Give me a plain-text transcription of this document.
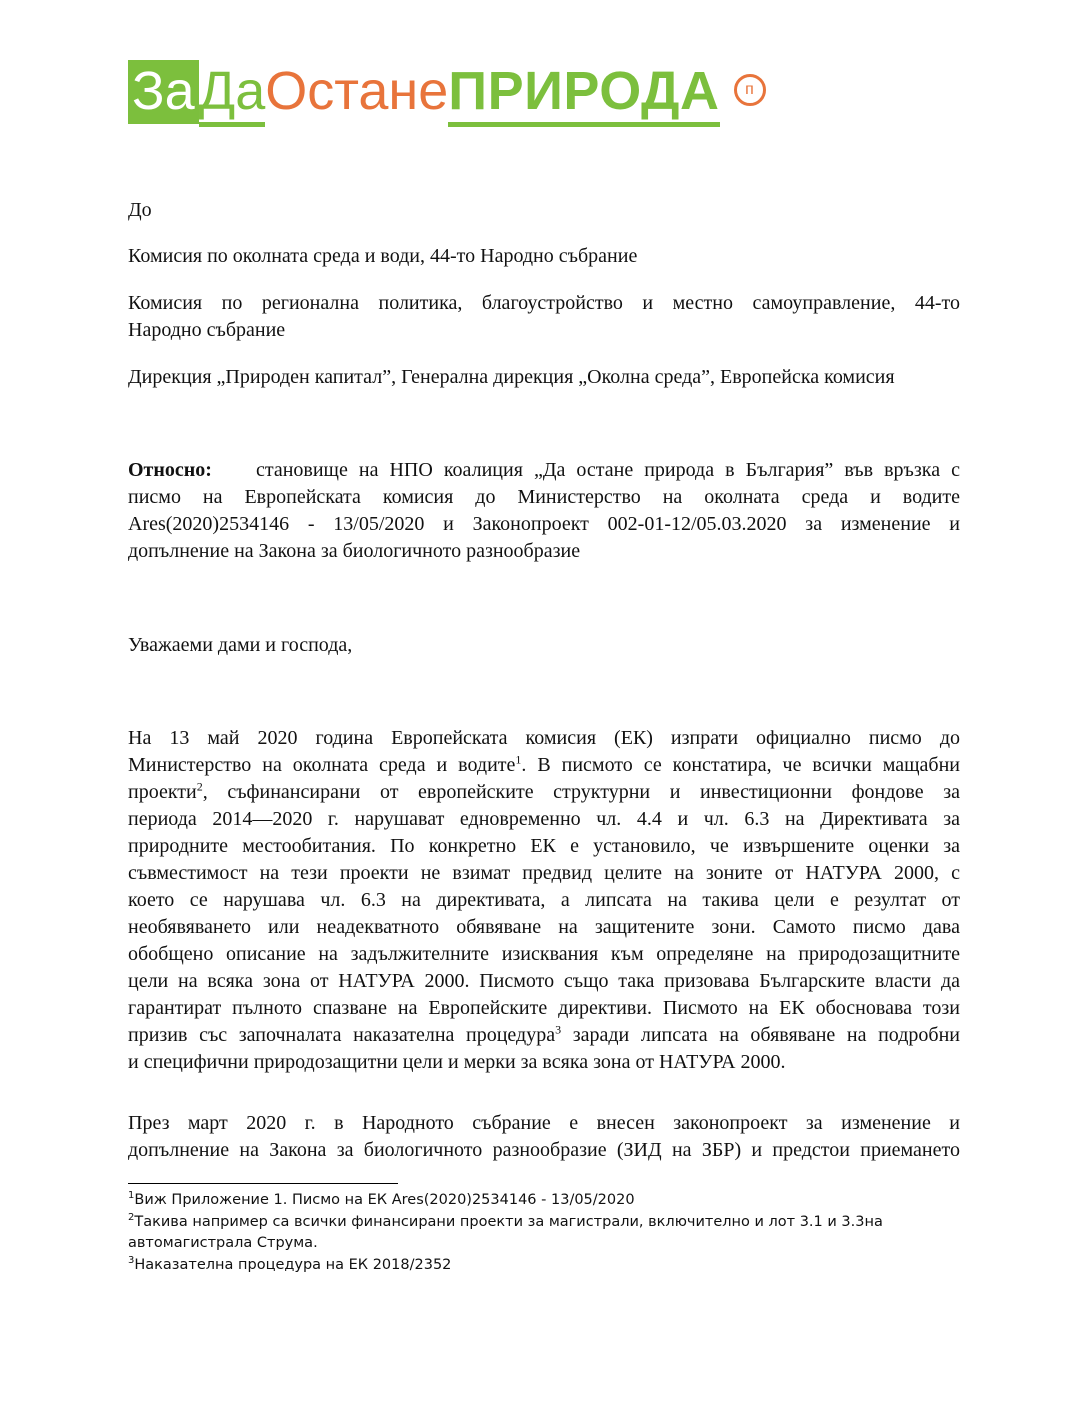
ЗаДаОстанеПРИРОДА п

До

Комисия по околната среда и води, 44-то Народно събрание

Комисия по регионална политика, благоустройство и местно самоуправление, 44-то
Народно събрание

Дирекция „Природен капитал”, Генерална дирекция „Околна среда”, Европейска комисия

Относно: становище на НПО коалиция „Да остане природа в България” във връзка с
писмо на Европейската комисия до Министерство на околната среда и водите
Ares(2020)2534146 - 13/05/2020 и Законопроект 002-01-12/05.03.2020 за изменение и
допълнение на Закона за биологичното разнообразие

Уважаеми дами и господа,

На 13 май 2020 година Европейската комисия (ЕК) изпрати официално писмо до
Министерство на околната среда и водите$^1$. В писмото се констатира, че всички мащабни
проекти$^2$, съфинансирани от европейските структурни и инвестиционни фондове за
периода 2014—2020 г. нарушават едновременно чл. 4.4 и чл. 6.3 на Директивата за
природните местообитания. По конкретно ЕК е установило, че извършените оценки за
съвместимост на тези проекти не взимат предвид целите на зоните от НАТУРА 2000, с
което се нарушава чл. 6.3 на директивата, а липсата на такива цели е резултат от
необявяването или неадекватното обявяване на защитените зони. Самото писмо дава
обобщено описание на задължителните изисквания към определяне на природозащитните
цели на всяка зона от НАТУРА 2000. Писмото също така призовава Българските власти да
гарантират пълното спазване на Европейските директиви. Писмото на ЕК обосновава този
призив със започналата наказателна процедура$^3$ заради липсата на обявяване на подробни
и специфични природозащитни цели и мерки за всяка зона от НАТУРА 2000.
През март 2020 г. в Народното събрание е внесен законопроект за изменение и
допълнение на Закона за биологичното разнообразие (ЗИД на ЗБР) и предстои приемането
$^1$Виж Приложение 1. Писмо на ЕК Ares(2020)2534146 - 13/05/2020
$^2$Такива например са всички финансирани проекти за магистрали, включително и лот 3.1 и 3.3на
автомагистрала Струма.
$^3$Наказателна процедура на ЕК 2018/2352
